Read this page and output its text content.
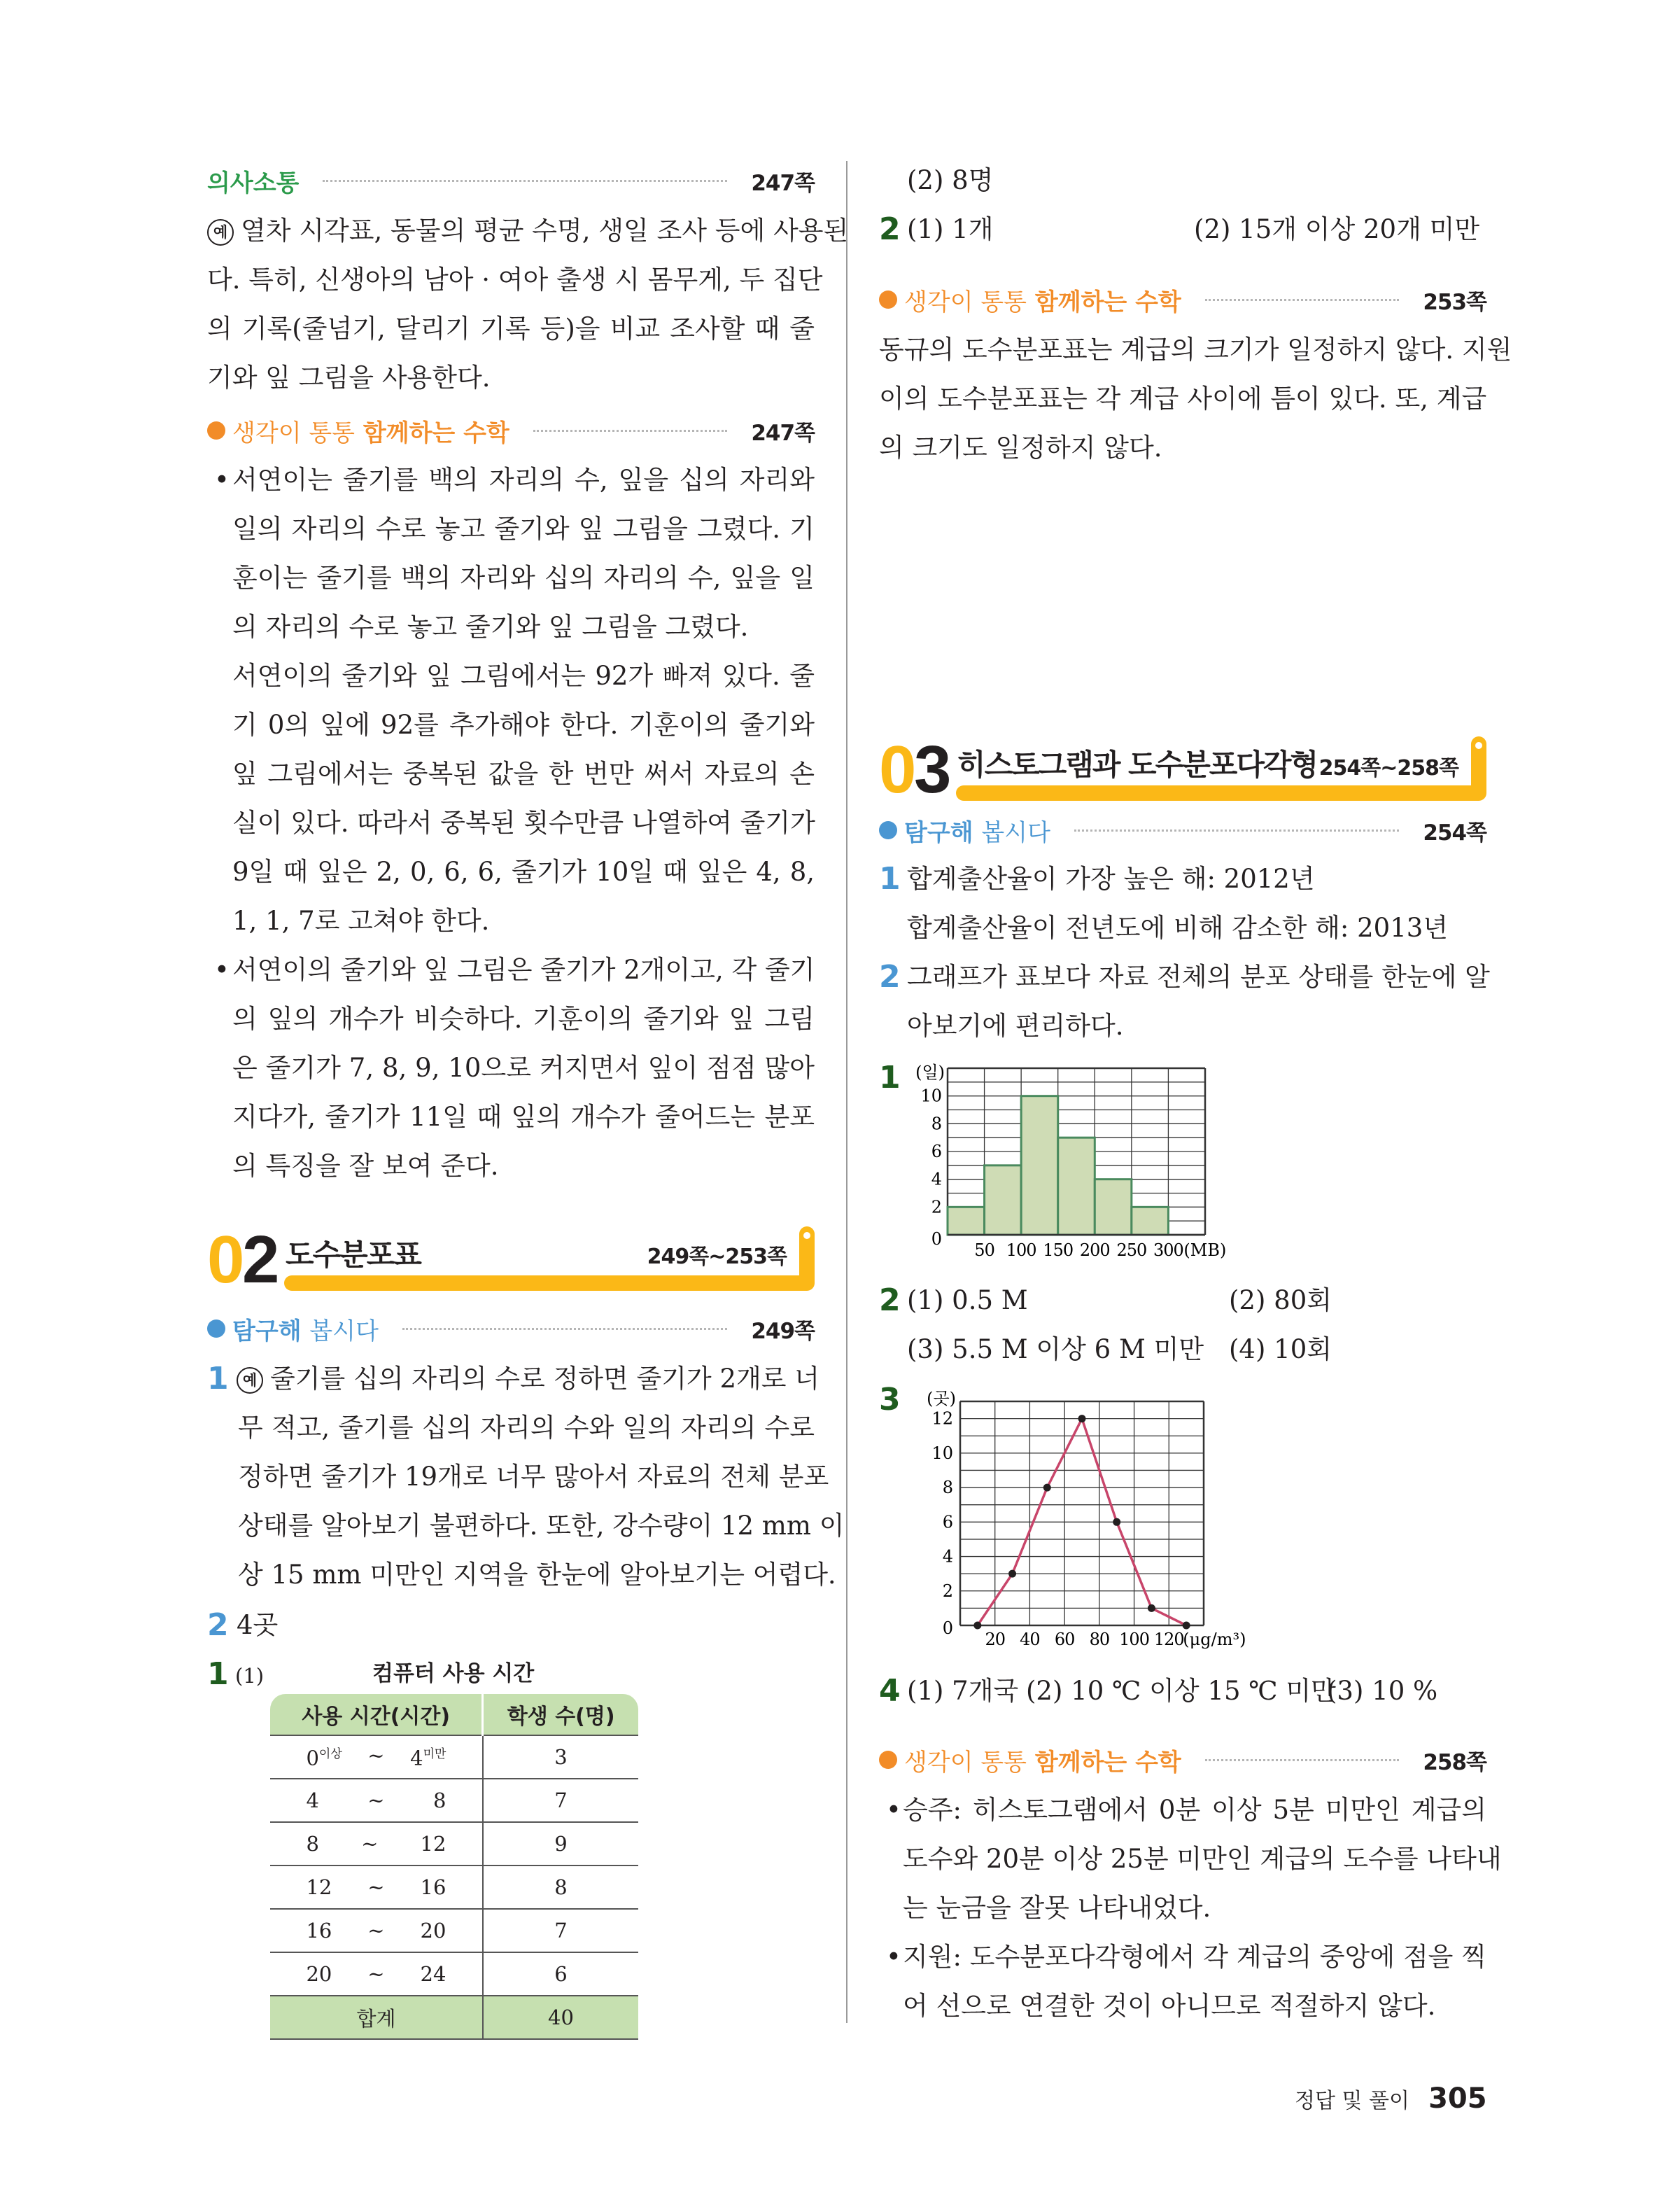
의사소통	247쪽
예 열차 시각표, 동물의 평균 수명, 생일 조사 등에 사용된
다. 특히, 신생아의 남아 · 여아 출생 시 몸무게, 두 집단
의 기록(줄넘기, 달리기 기록 등)을 비교 조사할 때 줄
기와 잎 그림을 사용한다.
생각이 통통
함께하는 수학	247쪽
• 서연이는 줄기를 백의 자리의 수, 잎을 십의 자리와
일의 자리의 수로 놓고 줄기와 잎 그림을 그렸다. 기
훈이는 줄기를 백의 자리와 십의 자리의 수, 잎을 일
의 자리의 수로 놓고 줄기와 잎 그림을 그렸다.
서연이의 줄기와 잎 그림에서는 92가 빠져 있다. 줄
기 0의 잎에 92를 추가해야 한다. 기훈이의 줄기와
잎 그림에서는 중복된 값을 한 번만 써서 자료의 손
실이 있다. 따라서 중복된 횟수만큼 나열하여 줄기가
9일 때 잎은 2, 0, 6, 6, 줄기가 10일 때 잎은 4, 8,
1, 1, 7로 고쳐야 한다.
• 서연이의 줄기와 잎 그림은 줄기가 2개이고, 각 줄기
의 잎의 개수가 비슷하다. 기훈이의 줄기와 잎 그림
은 줄기가 7, 8, 9, 10으로 커지면서 잎이 점점 많아
지다가, 줄기가 11일 때 잎의 개수가 줄어드는 분포
의 특징을 잘 보여 준다.
0 2 도수분포표	249쪽~253쪽
탐구해
봅시다	249쪽
1 예 줄기를 십의 자리의 수로 정하면 줄기가 2개로 너
무 적고, 줄기를 십의 자리의 수와 일의 자리의 수로
정하면 줄기가 19개로 너무 많아서 자료의 전체 분포
상태를 알아보기 불편하다. 또한, 강수량이 12 mm 이
상 15 mm 미만인 지역을 한눈에 알아보기는 어렵다.
2 4곳
1 (1)	컴퓨터 사용 시간
사용 시간(시간)	학생 수(명)

$0^{이상}$ ~ $4^{미만}$	3

4 ~ 8	7

8 ~ 12	9

12 ~ 16	8

16 ~ 20	7

20 ~ 24	6
합계	40
(2) 8명
2 (1) 1개	(2) 15개 이상 20개 미만
생각이 통통
함께하는 수학	253쪽
동규의 도수분포표는 계급의 크기가 일정하지 않다. 지원
이의 도수분포표는 각 계급 사이에 틈이 있다. 또, 계급
의 크기도 일정하지 않다.
0 3 히스토그램과 도수분포다각형 254쪽~258쪽
탐구해
봅시다	254쪽
1 합계출산율이 가장 높은 해: 2012년
합계출산율이 전년도에 비해 감소한 해: 2013년
2 그래프가 표보다 자료 전체의 분포 상태를 한눈에 알
아보기에 편리하다.
1
0
2
4
6
8
10
50 100 150 200 250 300
(일)
(MB)
2 (1) 0.5 M	(2) 80회
(3) 5.5 M 이상 6 M 미만 (4) 10회
3
0
2
4
6
8
10
12
20 40 60 80 100 120
(곳)
(μg/m³)
4 (1) 7개국 (2) 10 ℃ 이상 15 ℃ 미만
(3) 10 %
생각이 통통
함께하는 수학	258쪽
• 승주: 히스토그램에서 0분 이상 5분 미만인 계급의
도수와 20분 이상 25분 미만인 계급의 도수를 나타내
는 눈금을 잘못 나타내었다.
• 지원: 도수분포다각형에서 각 계급의 중앙에 점을 찍
어 선으로 연결한 것이 아니므로 적절하지 않다.
정답 및 풀이 305
